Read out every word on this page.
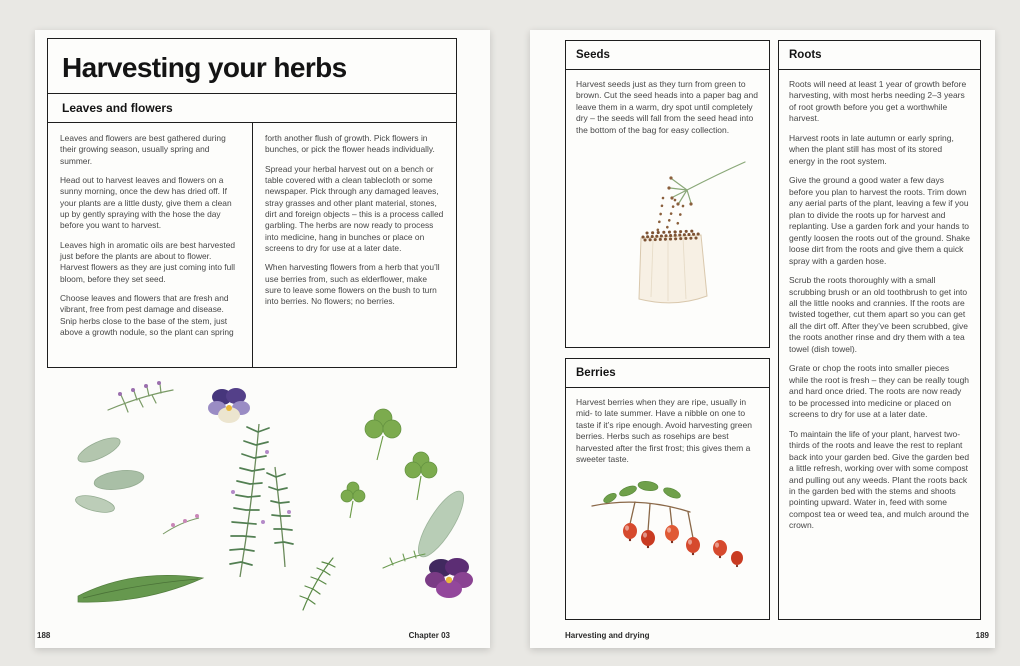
Harvesting your herbs
Leaves and flowers

Leaves and flowers are best gathered during their growing season, usually spring and summer.

Head out to harvest leaves and flowers on a sunny morning, once the dew has dried off. If your plants are a little dusty, give them a clean up by gently spraying with the hose the day before you want to harvest.

Leaves high in aromatic oils are best harvested just before the plants are about to flower. Harvest flowers as they are just coming into full bloom, before they set seed.

Choose leaves and flowers that are fresh and vibrant, free from pest damage and disease. Snip herbs close to the base of the stem, just above a growth nodule, so the plant can spring

forth another flush of growth. Pick flowers in bunches, or pick the flower heads individually.

Spread your herbal harvest out on a bench or table covered with a clean tablecloth or some newspaper. Pick through any damaged leaves, stray grasses and other plant material, stones, dirt and foreign objects – this is a process called garbling. The herbs are now ready to process into medicine, hang in bunches or place on screens to dry for use at a later date.

When harvesting flowers from a herb that you’ll use berries from, such as elderflower, make sure to leave some flowers on the bush to turn into berries. No flowers; no berries.

188	Chapter 03
Seeds

Harvest seeds just as they turn from green to brown. Cut the seed heads into a paper bag and leave them in a warm, dry spot until completely dry – the seeds will fall from the seed head into the bottom of the bag for easy collection.

Berries

Harvest berries when they are ripe, usually in mid- to late summer. Have a nibble on one to taste if it’s ripe enough. Avoid harvesting green berries. Herbs such as rosehips are best harvested after the first frost; this gives them a sweeter taste.

Roots

Roots will need at least 1 year of growth before harvesting, with most herbs needing 2–3 years of root growth before you get a worthwhile harvest.

Harvest roots in late autumn or early spring, when the plant still has most of its stored energy in the root system.

Give the ground a good water a few days before you plan to harvest the roots. Trim down any aerial parts of the plant, leaving a few if you plan to divide the roots up for harvest and replanting. Use a garden fork and your hands to gently loosen the roots out of the ground. Shake loose dirt from the roots and give them a quick spray with a garden hose.

Scrub the roots thoroughly with a small scrubbing brush or an old toothbrush to get into all the little nooks and crannies. If the roots are twisted together, cut them apart so you can get all the dirt off. After they’ve been scrubbed, give the roots another rinse and dry them with a tea towel (dish towel).

Grate or chop the roots into smaller pieces while the root is fresh – they can be really tough and hard once dried. The roots are now ready to be processed into medicine or placed on screens to dry for use at a later date.

To maintain the life of your plant, harvest two-thirds of the roots and leave the rest to replant back into your garden bed. Give the garden bed a little refresh, working over with some compost and pulling out any weeds. Plant the roots back in the garden bed with the stems and shoots pointing upward. Water in, feed with some compost tea or weed tea, and mulch around the crown.

Harvesting and drying	189
